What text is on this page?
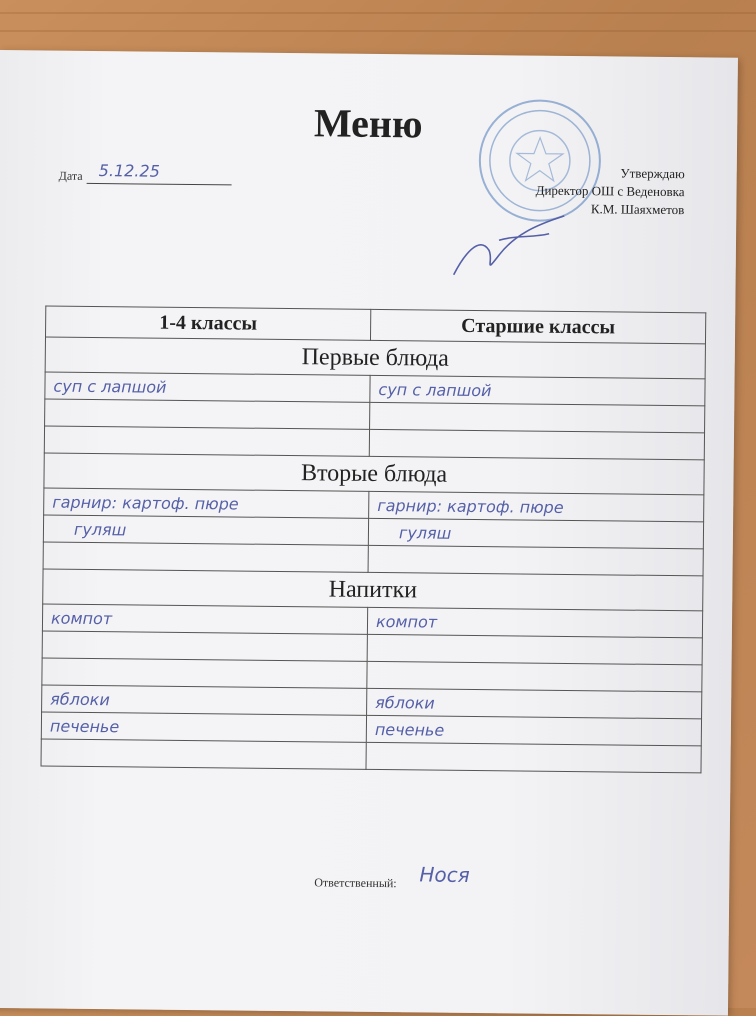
Меню
Дата 5.12.25	Утверждаю
Директор ОШ с Веденовка
К.М. Шаяхметов
1-4 классы	Старшие классы
Первые блюда	
суп с лапшой	суп с лапшой

Вторые блюда	
гарнир: картоф. пюре	гарнир: картоф. пюре
гуляш	гуляш

Напитки	
компот	компот

яблоки	яблоки
печенье	печенье

Ответственный: Нося
